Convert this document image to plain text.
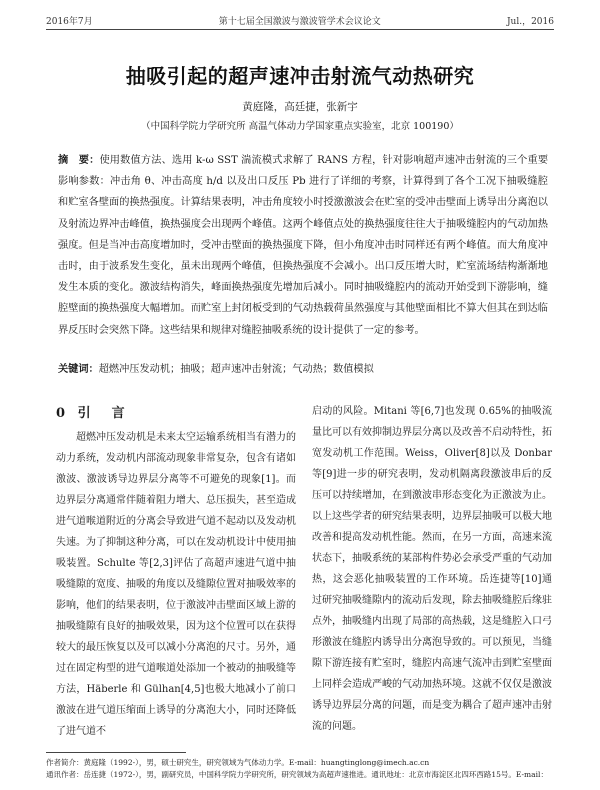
2016年7月	第十七届全国激波与激波管学术会议论文	Jul.，2016
抽吸引起的超声速冲击射流气动热研究
黄庭隆，高廷捷，张新宇
（中国科学院力学研究所 高温气体动力学国家重点实验室，北京 100190）
摘　要：使用数值方法、选用 k-ω SST 湍流模式求解了 RANS 方程，针对影响超声速冲击射流的三个重要影响参数：冲击角 θ、冲击高度 h/d 以及出口反压 Pb 进行了详细的考察，计算得到了各个工况下抽吸缝腔和贮室各壁面的换热强度。计算结果表明，冲击角度较小时授激激波会在贮室的受冲击壁面上诱导出分离泡以及射流边界冲击峰值，换热强度会出现两个峰值。这两个峰值点处的换热强度往往大于抽吸缝腔内的气动加热强度。但是当冲击高度增加时，受冲击壁面的换热强度下降，但小角度冲击时同样还有两个峰值。而大角度冲击时，由于波系发生变化，虽未出现两个峰值，但换热强度不会减小。出口反压增大时，贮室流场结构渐渐地发生本质的变化。激波结构消失，峰面换热强度先增加后减小。同时抽吸缝腔内的流动开始受到下游影响，缝腔壁面的换热强度大幅增加。而贮室上封闭板受到的气动热载荷虽然强度与其他壁面相比不算大但其在到达临界反压时会突然下降。这些结果和规律对缝腔抽吸系统的设计提供了一定的参考。
关键词：超燃冲压发动机；抽吸；超声速冲击射流；气动热；数值模拟
0 引　言
超燃冲压发动机是未来太空运输系统相当有潜力的动力系统，发动机内部流动现象非常复杂，包含有诸如激波、激波诱导边界层分离等不可避免的现象[1]。而边界层分离通常伴随着阻力增大、总压损失，甚至造成进气道喉道附近的分离会导致进气道不起动以及发动机失速。为了抑制这种分离，可以在发动机设计中使用抽吸装置。Schulte 等[2,3]评估了高超声速进气道中抽吸缝隙的宽度、抽吸的角度以及缝隙位置对抽吸效率的影响，他们的结果表明，位于激波冲击壁面区域上游的抽吸缝隙有良好的抽吸效果，因为这个位置可以在获得较大的最压恢复以及可以减小分离泡的尺寸。另外，通过在固定构型的进气道喉道处添加一个被动的抽吸缝等方法，Häberle 和 Gülhan[4,5]也极大地减小了前口激波在进气道压缩面上诱导的分离泡大小，同时还降低了进气道不
启动的风险。Mitani 等[6,7]也发现 0.65%的抽吸流量比可以有效抑制边界层分离以及改善不启动特性，拓宽发动机工作范围。Weiss，Oliver[8]以及 Donbar 等[9]进一步的研究表明，发动机隔离段激波串后的反压可以持续增加，在到激波串形态变化为正激波为止。以上这些学者的研究结果表明，边界层抽吸可以极大地改善和提高发动机性能。然而，在另一方面，高速来流状态下，抽吸系统的某部构件势必会承受严重的气动加热，这会恶化抽吸装置的工作环境。岳连捷等[10]通过研究抽吸缝隙内的流动后发现，除去抽吸缝腔后缘驻点外，抽吸缝内出现了局部的高热载，这是缝腔入口弓形激波在缝腔内诱导出分离泡导致的。可以预见，当缝隙下游连接有贮室时，缝腔内高速气流冲击到贮室壁面上同样会造成严峻的气动加热环境。这就不仅仅是激波诱导边界层分离的问题，而是变为耦合了超声速冲击射流的问题。
作者简介：黄庭隆（1992-），男，硕士研究生，研究领域为气体动力学。E-mail：huangtinglong@imech.ac.cn
通讯作者：岳连捷（1972-），男，副研究员，中国科学院力学研究所，研究领域为高超声速推进。通讯地址：北京市海淀区北四环西路15号。E-mail：
